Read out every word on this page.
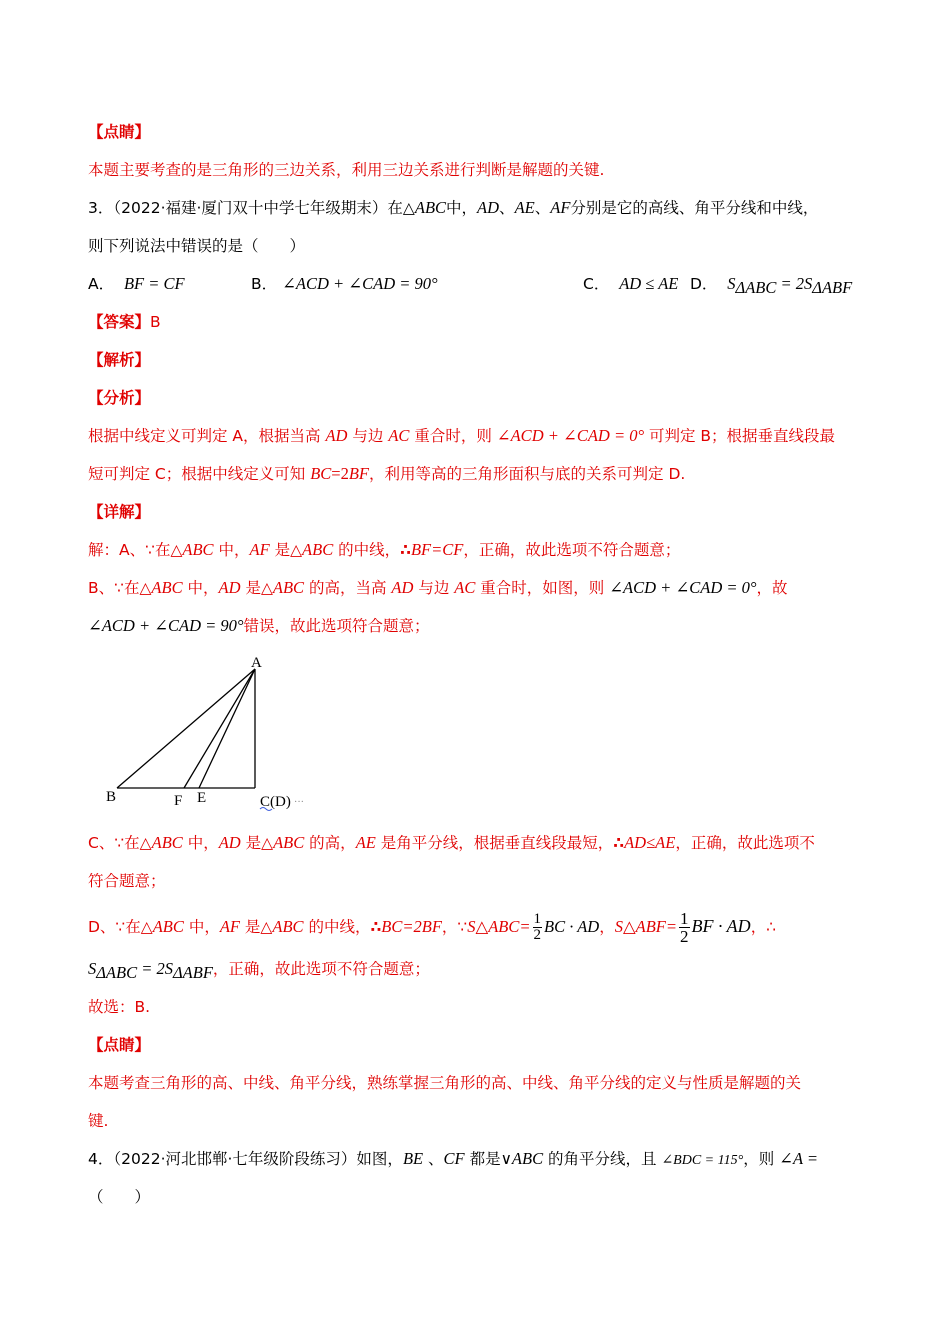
【点睛】
本题主要考查的是三角形的三边关系，利用三边关系进行判断是解题的关键.
3．（2022·福建·厦门双十中学七年级期末）在△ABC中，AD、AE、AF分别是它的高线、角平分线和中线，
则下列说法中错误的是（　　）
A． BF = CF	B． ∠ACD + ∠CAD = 90°	C． AD ≤ AE D． $S_{\Delta ABC} = 2S_{\Delta ABF}$
【答案】B
【解析】
【分析】
根据中线定义可判定 A，根据当高 AD 与边 AC 重合时，则 ∠ACD + ∠CAD = 0° 可判定 B；根据垂直线段最
短可判定 C；根据中线定义可知 BC=2BF，利用等高的三角形面积与底的关系可判定 D.
【详解】
解：A、∵在△ABC 中，AF 是△ABC 的中线，∴BF=CF，正确，故此选项不符合题意；
B、∵在△ABC 中，AD 是△ABC 的高，当高 AD 与边 AC 重合时，如图，则 ∠ACD + ∠CAD = 0°，故
∠ACD + ∠CAD = 90°错误，故此选项符合题意；
A
B	F E	C(D) ···
C、∵在△ABC 中，AD 是△ABC 的高，AE 是角平分线，根据垂直线段最短，∴AD≤AE，正确，故此选项不
符合题意；
D、∵在△ABC 中，AF 是△ABC 的中线，∴BC=2BF，∵S△ABC= $\frac{1}{2}$ BC · AD，S△ABF= $\frac{1}{2}$ BF · AD，∴
$S_{\Delta ABC} = 2S_{\Delta ABF}$，正确，故此选项不符合题意；
故选：B.
【点睛】
本题考查三角形的高、中线、角平分线，熟练掌握三角形的高、中线、角平分线的定义与性质是解题的关
键.
4．（2022·河北邯郸·七年级阶段练习）如图，BE 、CF 都是∨ABC 的角平分线，且 ∠BDC = 115°，则 ∠A =
（　　）
